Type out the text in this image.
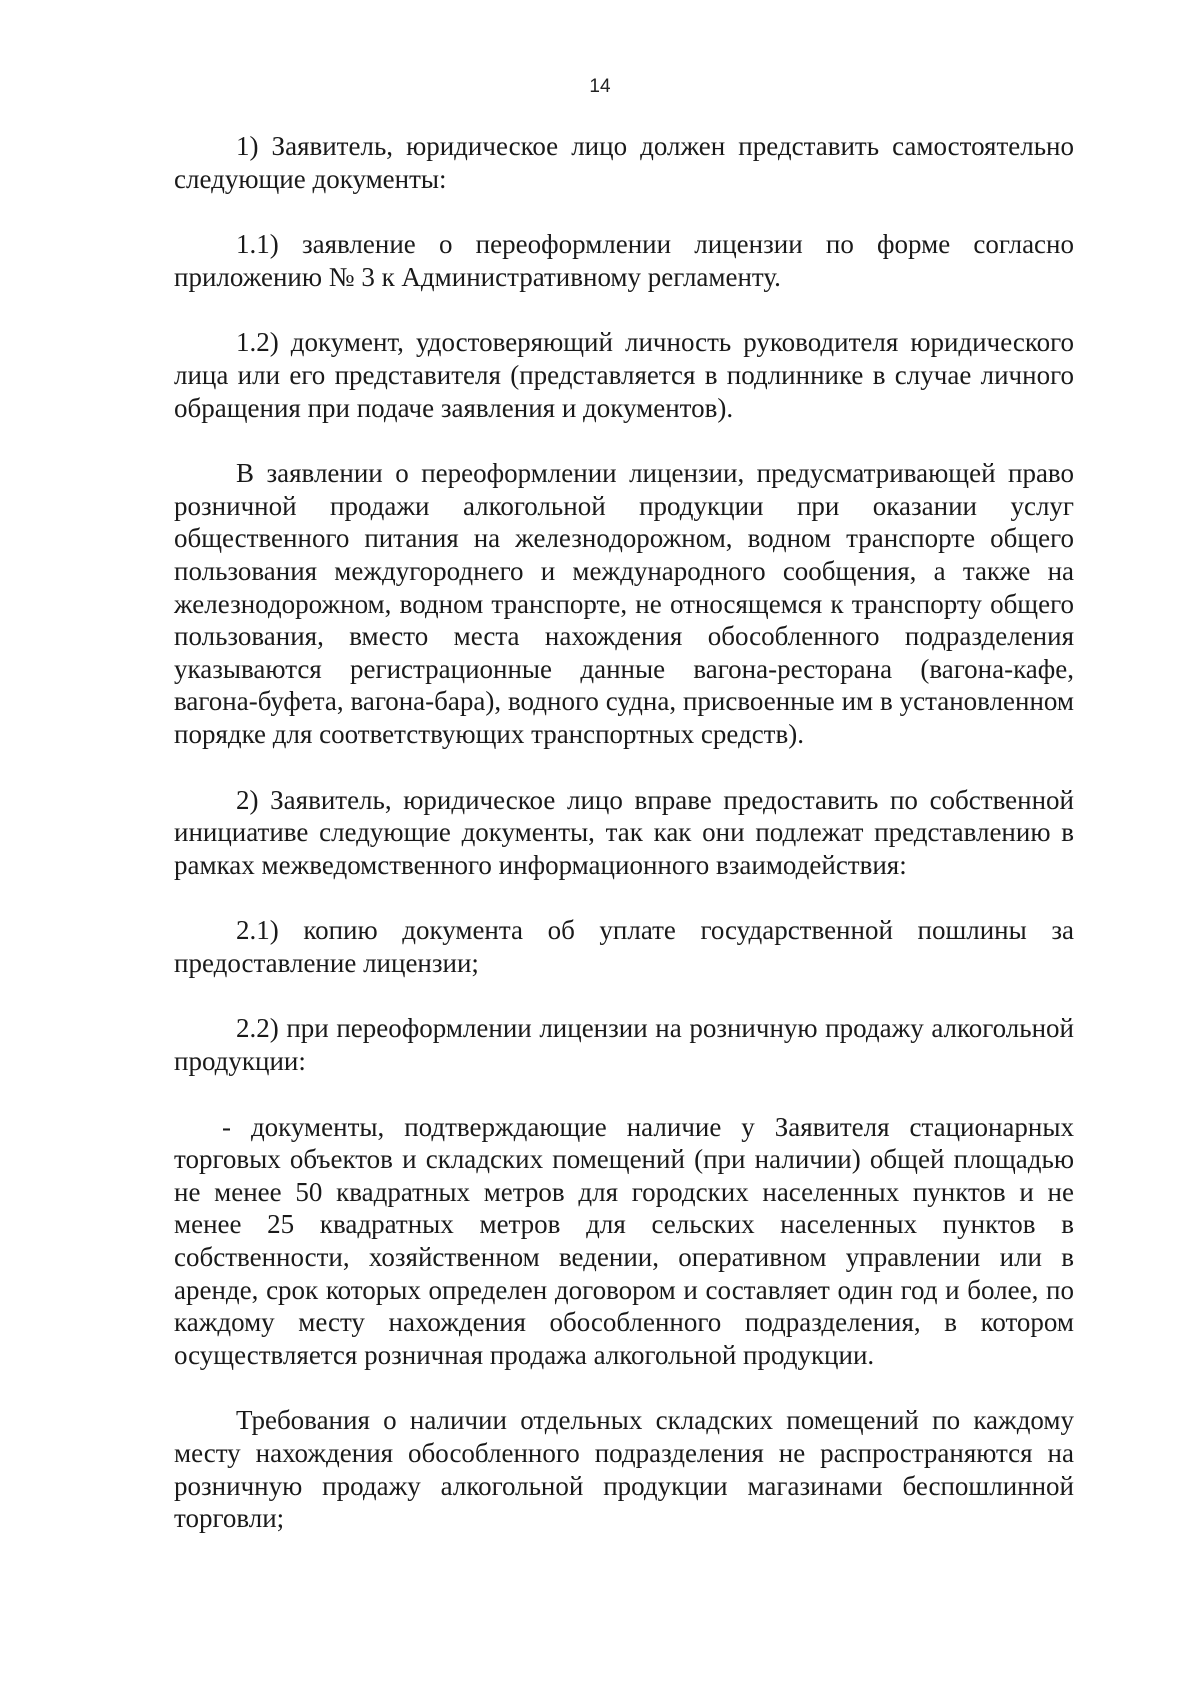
14

1) Заявитель, юридическое лицо должен представить самостоятельно следующие документы:

1.1) заявление о переоформлении лицензии по форме согласно приложению № 3 к Административному регламенту.

1.2) документ, удостоверяющий личность руководителя юридического лица или его представителя (представляется в подлиннике в случае личного обращения при подаче заявления и документов).

В заявлении о переоформлении лицензии, предусматривающей право розничной продажи алкогольной продукции при оказании услуг общественного питания на железнодорожном, водном транспорте общего пользования междугороднего и международного сообщения, а также на железнодорожном, водном транспорте, не относящемся к транспорту общего пользования, вместо места нахождения обособленного подразделения указываются регистрационные данные вагона-ресторана (вагона-кафе, вагона-буфета, вагона-бара), водного судна, присвоенные им в установленном порядке для соответствующих транспортных средств).

2) Заявитель, юридическое лицо вправе предоставить по собственной инициативе следующие документы, так как они подлежат представлению в рамках межведомственного информационного взаимодействия:

2.1) копию документа об уплате государственной пошлины за предоставление лицензии;

2.2) при переоформлении лицензии на розничную продажу алкогольной продукции:

- документы, подтверждающие наличие у Заявителя стационарных торговых объектов и складских помещений (при наличии) общей площадью не менее 50 квадратных метров для городских населенных пунктов и не менее 25 квадратных метров для сельских населенных пунктов в собственности, хозяйственном ведении, оперативном управлении или в аренде, срок которых определен договором и составляет один год и более, по каждому месту нахождения обособленного подразделения, в котором осуществляется розничная продажа алкогольной продукции.

Требования о наличии отдельных складских помещений по каждому месту нахождения обособленного подразделения не распространяются на розничную продажу алкогольной продукции магазинами беспошлинной торговли;
